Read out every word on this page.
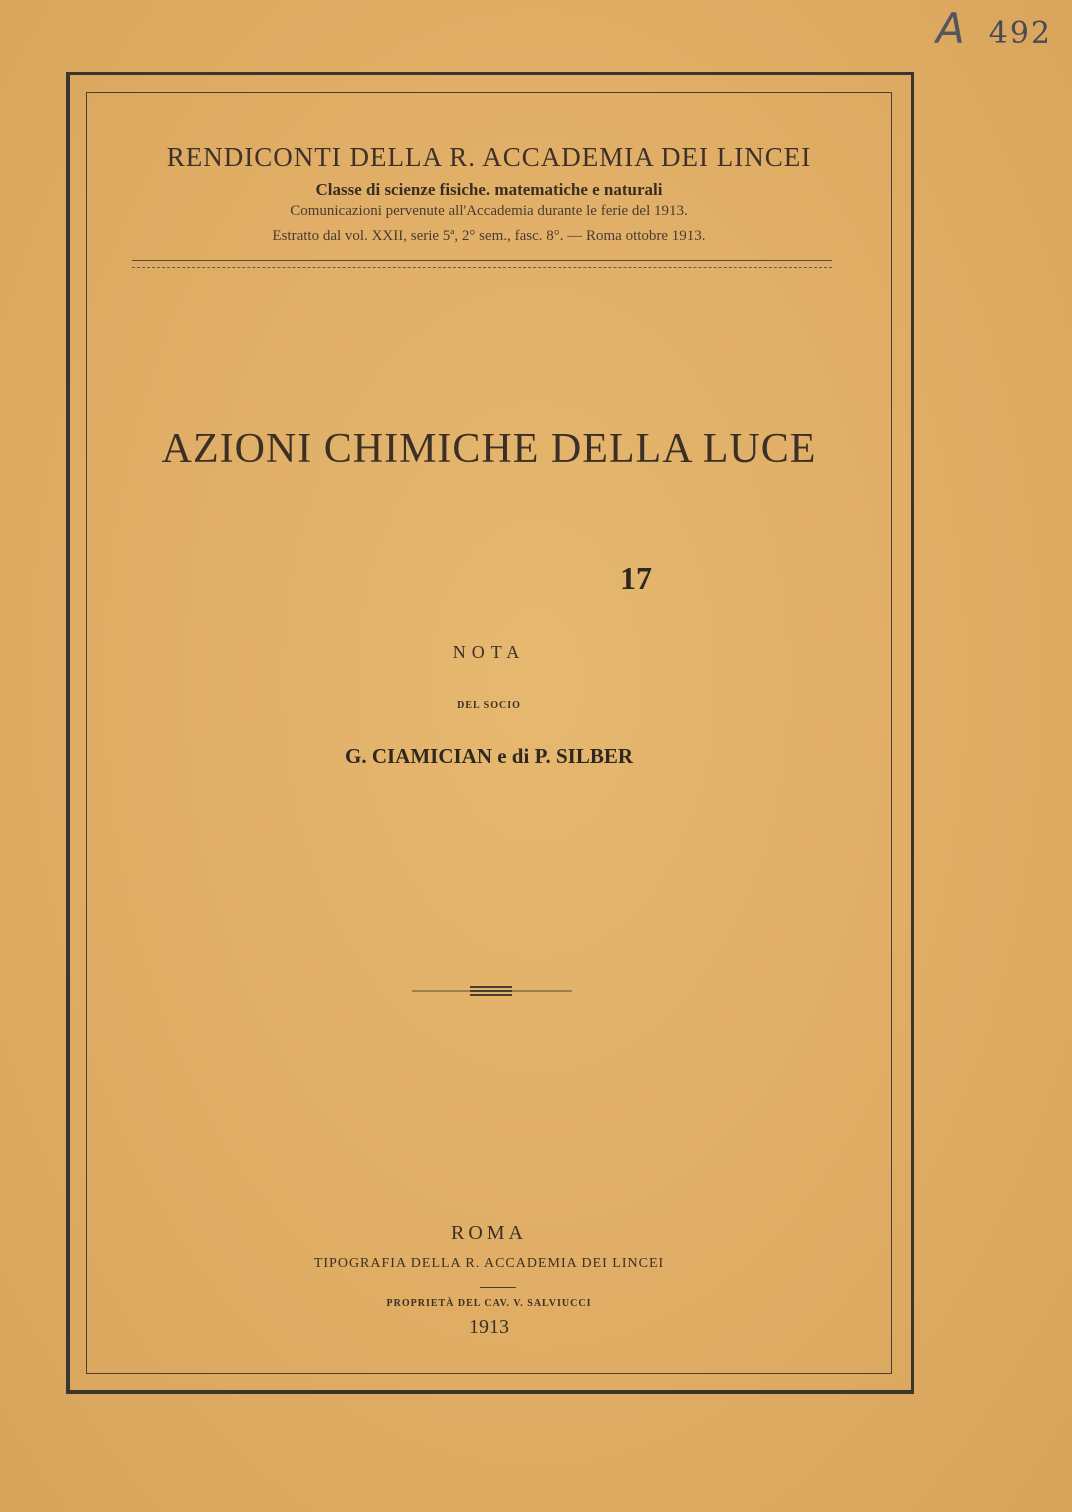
A 492
RENDICONTI DELLA R. ACCADEMIA DEI LINCEI
Classe di scienze fisiche. matematiche e naturali
Comunicazioni pervenute all'Accademia durante le ferie del 1913.
Estratto dal vol. XXII, serie 5ª, 2° sem., fasc. 8°. — Roma ottobre 1913.
AZIONI CHIMICHE DELLA LUCE
17
NOTA
DEL SOCIO
G. CIAMICIAN e di P. SILBER
ROMA
TIPOGRAFIA DELLA R. ACCADEMIA DEI LINCEI
PROPRIETÀ DEL CAV. V. SALVIUCCI
1913
